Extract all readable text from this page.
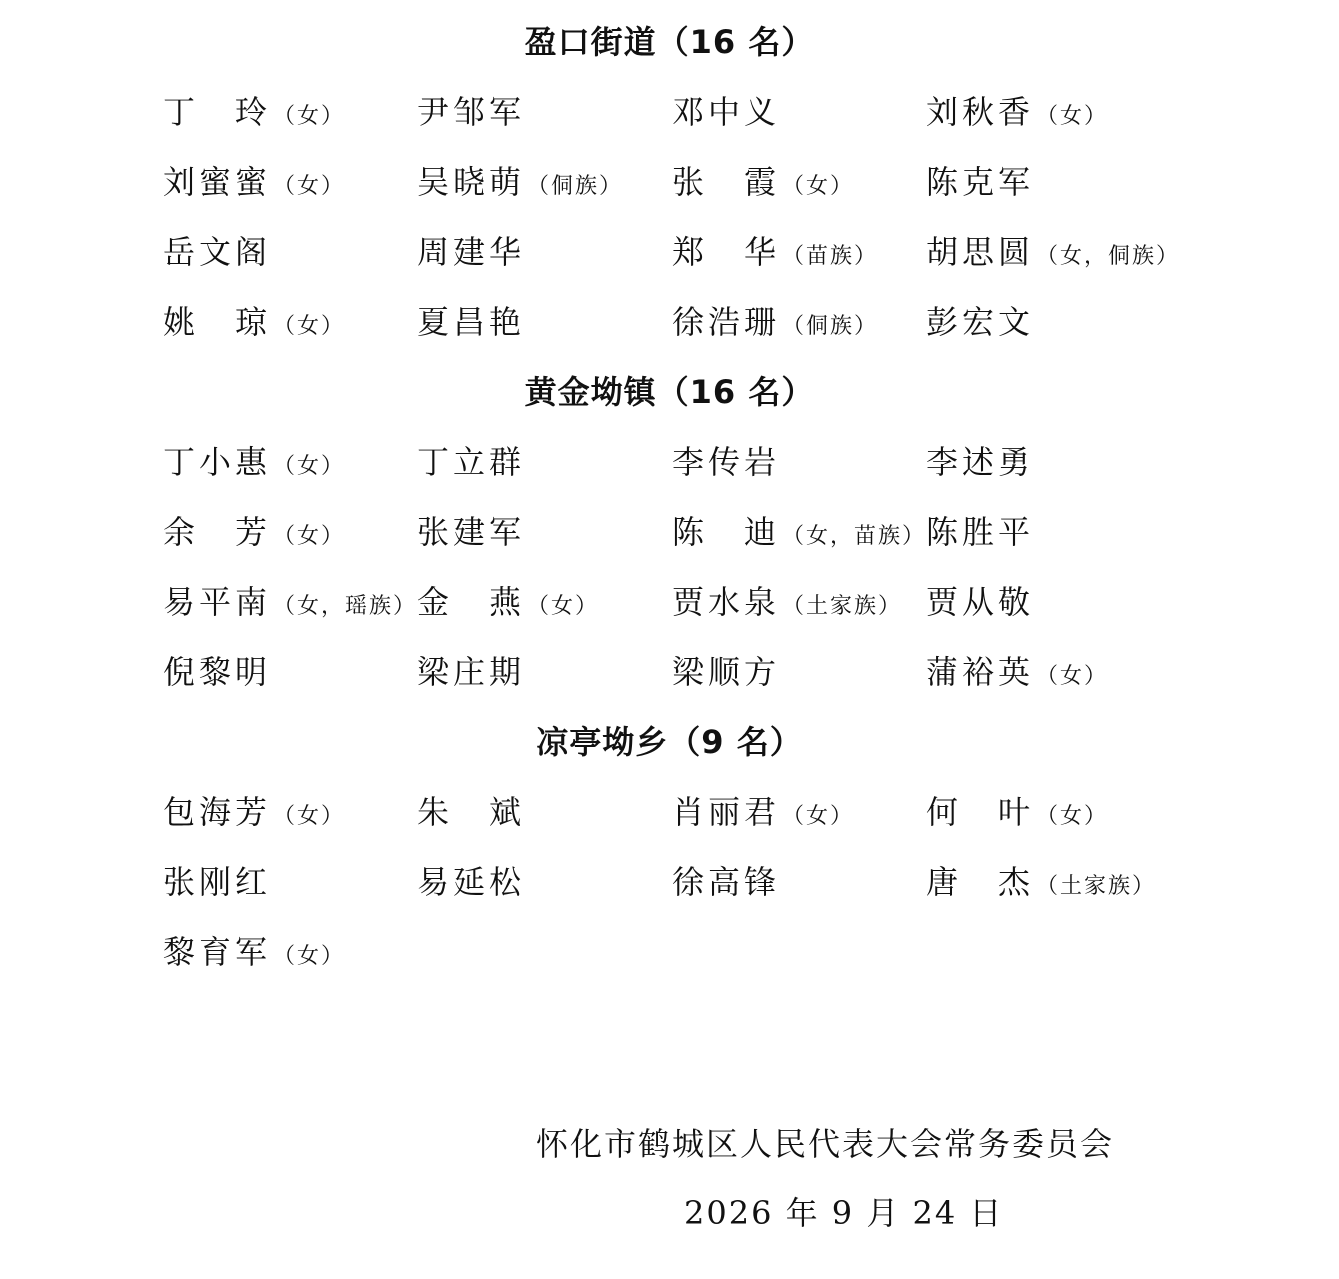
盈口街道（16 名）
丁　玲（女） 尹邹军	邓中义	刘秋香（女）
刘蜜蜜（女） 吴晓萌（侗族） 张　霞（女） 陈克军
岳文阁	周建华	郑　华（苗族） 胡思圆（女，侗族）
姚　琼（女） 夏昌艳	徐浩珊（侗族） 彭宏文
黄金坳镇（16 名）
丁小惠（女） 丁立群	李传岩	李述勇
余　芳（女） 张建军	陈　迪（女，苗族） 陈胜平
易平南（女，瑶族） 金　燕（女） 贾水泉（土家族） 贾从敬
倪黎明	梁庄期	梁顺方	蒲裕英（女）
凉亭坳乡（9 名）
包海芳（女） 朱　斌	肖丽君（女） 何　叶（女）
张刚红	易延松	徐高锋	唐　杰（土家族）
黎育军（女）
怀化市鹤城区人民代表大会常务委员会
2026 年 9 月 24 日
